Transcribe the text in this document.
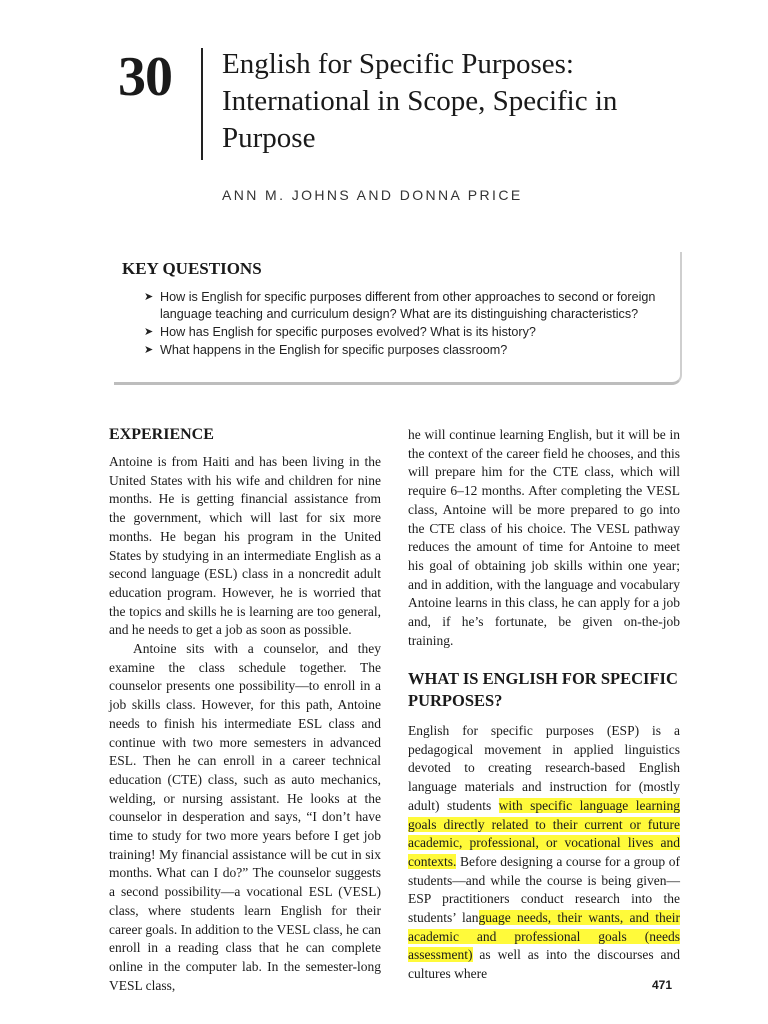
30 English for Specific Purposes: International in Scope, Specific in Purpose
ANN M. JOHNS AND DONNA PRICE
KEY QUESTIONS
➤ How is English for specific purposes different from other approaches to second or foreign language teaching and curriculum design? What are its distinguishing characteristics?
➤ How has English for specific purposes evolved? What is its history?
➤ What happens in the English for specific purposes classroom?
EXPERIENCE

Antoine is from Haiti and has been living in the United States with his wife and children for nine months. He is getting financial assistance from the government, which will last for six more months. He began his program in the United States by studying in an intermediate English as a second language (ESL) class in a noncredit adult education program. However, he is worried that the topics and skills he is learning are too general, and he needs to get a job as soon as possible.

Antoine sits with a counselor, and they examine the class schedule together. The counselor presents one possibility—to enroll in a job skills class. However, for this path, Antoine needs to finish his intermediate ESL class and continue with two more semesters in advanced ESL. Then he can enroll in a career technical education (CTE) class, such as auto mechanics, welding, or nursing assistant. He looks at the counselor in desperation and says, “I don’t have time to study for two more years before I get job training! My financial assistance will be cut in six months. What can I do?” The counselor suggests a second possibility—a vocational ESL (VESL) class, where students learn English for their career goals. In addition to the VESL class, he can enroll in a reading class that he can complete online in the computer lab. In the semester-long VESL class,

he will continue learning English, but it will be in the context of the career field he chooses, and this will prepare him for the CTE class, which will require 6–12 months. After completing the VESL class, Antoine will be more prepared to go into the CTE class of his choice. The VESL pathway reduces the amount of time for Antoine to meet his goal of obtaining job skills within one year; and in addition, with the language and vocabulary Antoine learns in this class, he can apply for a job and, if he’s fortunate, be given on-the-job training.

WHAT IS ENGLISH FOR SPECIFIC PURPOSES?

English for specific purposes (ESP) is a pedagogical movement in applied linguistics devoted to creating research-based English language materials and instruction for (mostly adult) students with specific language learning goals directly related to their current or future academic, professional, or vocational lives and contexts. Before designing a course for a group of students—and while the course is being given—ESP practitioners conduct research into the students’ language needs, their wants, and their academic and professional goals (needs assessment) as well as into the discourses and cultures where

471
